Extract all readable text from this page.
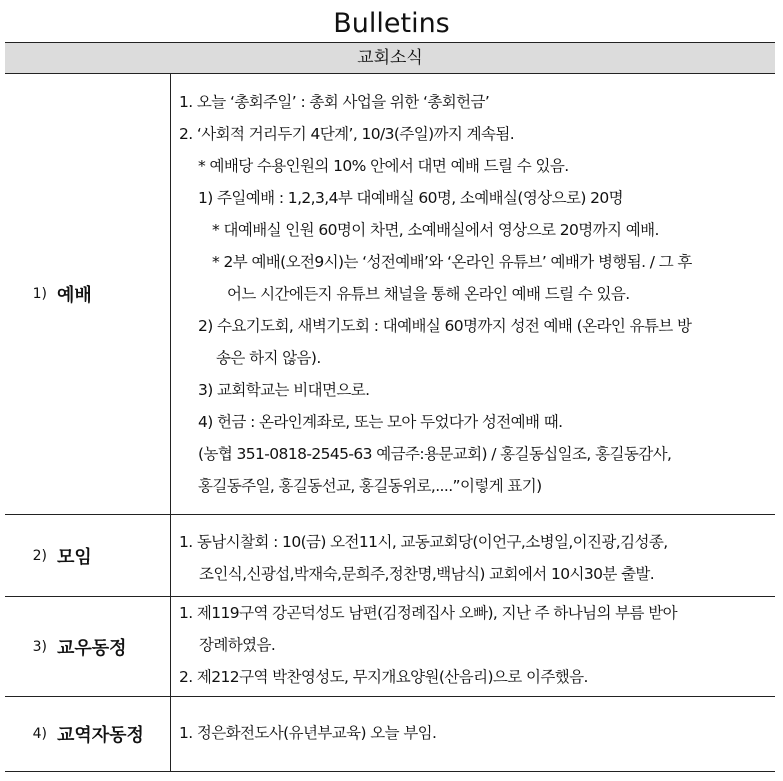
Bulletins
교회소식
1) 예배
1. 오늘 ‘총회주일’ : 총회 사업을 위한 ‘총회헌금’
2. ‘사회적 거리두기 4단계’, 10/3(주일)까지 계속됨.
* 예배당 수용인원의 10% 안에서 대면 예배 드릴 수 있음.
1) 주일예배 : 1,2,3,4부 대예배실 60명, 소예배실(영상으로) 20명
* 대예배실 인원 60명이 차면, 소예배실에서 영상으로 20명까지 예배.
* 2부 예배(오전9시)는 ‘성전예배’와 ‘온라인 유튜브’ 예배가 병행됨. / 그 후
어느 시간에든지 유튜브 채널을 통해 온라인 예배 드릴 수 있음.
2) 수요기도회, 새벽기도회 : 대예배실 60명까지 성전 예배 (온라인 유튜브 방
송은 하지 않음).
3) 교회학교는 비대면으로.
4) 헌금 : 온라인계좌로, 또는 모아 두었다가 성전예배 때.
(농협 351-0818-2545-63 예금주:용문교회) / 홍길동십일조, 홍길동감사,
홍길동주일, 홍길동선교, 홍길동위로,....”이렇게 표기)
2) 모임
1. 동남시찰회 : 10(금) 오전11시, 교동교회당(이언구,소병일,이진광,김성종,
조인식,신광섭,박재숙,문희주,정찬명,백남식) 교회에서 10시30분 출발.
3) 교우동정
1. 제119구역 강곤덕성도 남편(김정례집사 오빠), 지난 주 하나님의 부름 받아
장례하였음.
2. 제212구역 박찬영성도, 무지개요양원(산음리)으로 이주했음.
4) 교역자동정	1. 정은화전도사(유년부교육) 오늘 부임.
